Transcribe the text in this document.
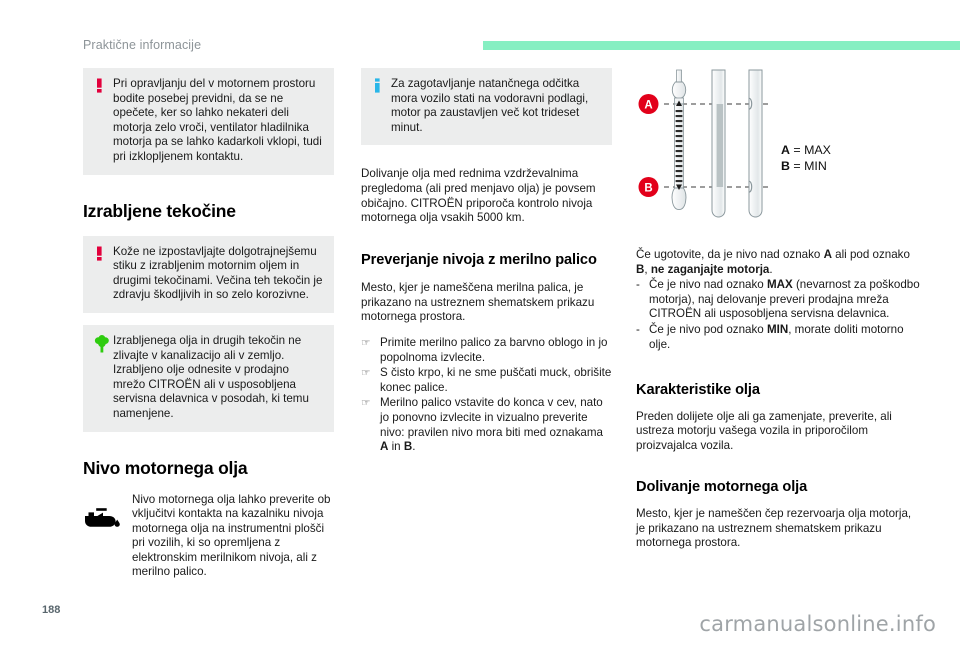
Praktične informacije
Pri opravljanju del v motornem prostoru bodite posebej previdni, da se ne opečete, ker so lahko nekateri deli motorja zelo vroči, ventilator hladilnika motorja pa se lahko kadarkoli vklopi, tudi pri izklopljenem kontaktu.
Izrabljene tekočine
Kože ne izpostavljajte dolgotrajnejšemu stiku z izrabljenim motornim oljem in drugimi tekočinami. Večina teh tekočin je zdravju škodljivih in so zelo korozivne.
Izrabljenega olja in drugih tekočin ne zlivajte v kanalizacijo ali v zemljo. Izrabljeno olje odnesite v prodajno mrežo CITROËN ali v usposobljena servisna delavnica v posodah, ki temu namenjene.
Nivo motornega olja
Nivo motornega olja lahko preverite ob vključitvi kontakta na kazalniku nivoja motornega olja na instrumentni plošči pri vozilih, ki so opremljena z elektronskim merilnikom nivoja, ali z merilno palico.
Za zagotavljanje natančnega odčitka mora vozilo stati na vodoravni podlagi, motor pa zaustavljen več kot trideset minut.

Dolivanje olja med rednima vzdrževalnima pregledoma (ali pred menjavo olja) je povsem običajno. CITROËN priporoča kontrolo nivoja motornega olja vsakih 5000 km.

Preverjanje nivoja z merilno palico

Mesto, kjer je nameščena merilna palica, je prikazano na ustreznem shematskem prikazu motornega prostora.

☞ Primite merilno palico za barvno oblogo in jo popolnoma izvlecite.
☞ S čisto krpo, ki ne sme puščati muck, obrišite konec palice.
☞ Merilno palico vstavite do konca v cev, nato jo ponovno izvlecite in vizualno preverite nivo: pravilen nivo mora biti med oznakama A in B.
A
B
A = MAX
B = MIN

Če ugotovite, da je nivo nad oznako A ali pod oznako B, ne zaganjajte motorja.

- Če je nivo nad oznako MAX (nevarnost za poškodbo motorja), naj delovanje preveri prodajna mreža CITROËN ali usposobljena servisna delavnica.
- Če je nivo pod oznako MIN, morate doliti motorno olje.
Karakteristike olja

Preden dolijete olje ali ga zamenjate, preverite, ali ustreza motorju vašega vozila in priporočilom proizvajalca vozila.

Dolivanje motornega olja

Mesto, kjer je nameščen čep rezervoarja olja motorja, je prikazano na ustreznem shematskem prikazu motornega prostora.

188
carmanualsonline.info
